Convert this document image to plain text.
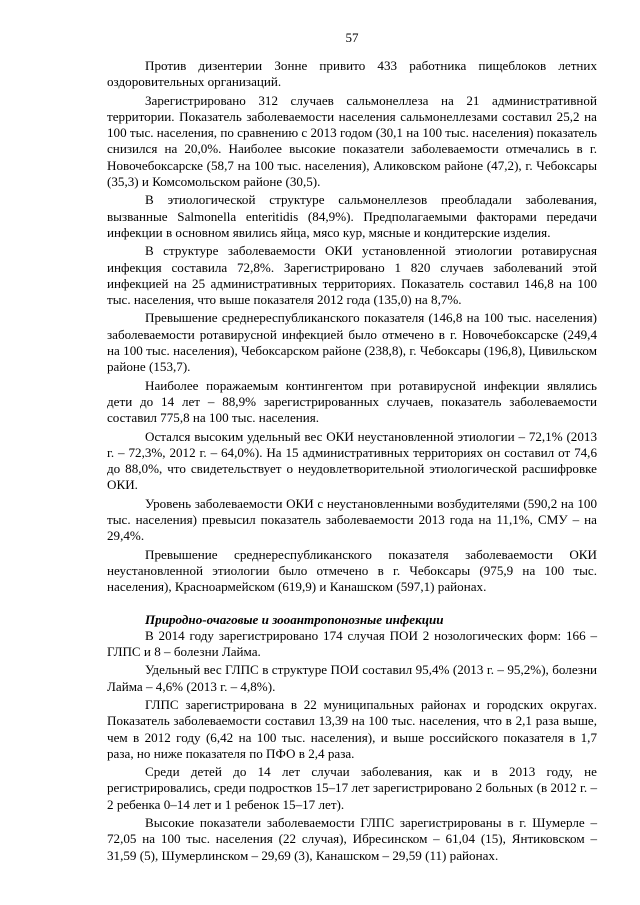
57

Против дизентерии Зонне привито 433 работника пищеблоков летних оздоровительных организаций.

Зарегистрировано 312 случаев сальмонеллеза на 21 административной территории. Показатель заболеваемости населения сальмонеллезами составил 25,2 на 100 тыс. населения, по сравнению с 2013 годом (30,1 на 100 тыс. населения) показатель снизился на 20,0%. Наиболее высокие показатели заболеваемости отмечались в г. Новочебоксарске (58,7 на 100 тыс. населения), Аликовском районе (47,2), г. Чебоксары (35,3) и Комсомольском районе (30,5).

В этиологической структуре сальмонеллезов преобладали заболевания, вызванные Salmonella enteritidis (84,9%). Предполагаемыми факторами передачи инфекции в основном явились яйца, мясо кур, мясные и кондитерские изделия.

В структуре заболеваемости ОКИ установленной этиологии ротавирусная инфекция составила 72,8%. Зарегистрировано 1 820 случаев заболеваний этой инфекцией на 25 административных территориях. Показатель составил 146,8 на 100 тыс. населения, что выше показателя 2012 года (135,0) на 8,7%.

Превышение среднереспубликанского показателя (146,8 на 100 тыс. населения) заболеваемости ротавирусной инфекцией было отмечено в г. Новочебоксарске (249,4 на 100 тыс. населения), Чебоксарском районе (238,8), г. Чебоксары (196,8), Цивильском районе (153,7).

Наиболее поражаемым контингентом при ротавирусной инфекции являлись дети до 14 лет – 88,9% зарегистрированных случаев, показатель заболеваемости составил 775,8 на 100 тыс. населения.

Остался высоким удельный вес ОКИ неустановленной этиологии – 72,1% (2013 г. – 72,3%, 2012 г. – 64,0%). На 15 административных территориях он составил от 74,6 до 88,0%, что свидетельствует о неудовлетворительной этиологической расшифровке ОКИ.

Уровень заболеваемости ОКИ с неустановленными возбудителями (590,2 на 100 тыс. населения) превысил показатель заболеваемости 2013 года на 11,1%, СМУ – на 29,4%.

Превышение среднереспубликанского показателя заболеваемости ОКИ неустановленной этиологии было отмечено в г. Чебоксары (975,9 на 100 тыс. населения), Красноармейском (619,9) и Канашском (597,1) районах.

Природно-очаговые и зооантропонозные инфекции

В 2014 году зарегистрировано 174 случая ПОИ 2 нозологических форм: 166 – ГЛПС и 8 – болезни Лайма.

Удельный вес ГЛПС в структуре ПОИ составил 95,4% (2013 г. – 95,2%), болезни Лайма – 4,6% (2013 г. – 4,8%).

ГЛПС зарегистрирована в 22 муниципальных районах и городских округах. Показатель заболеваемости составил 13,39 на 100 тыс. населения, что в 2,1 раза выше, чем в 2012 году (6,42 на 100 тыс. населения), и выше российского показателя в 1,7 раза, но ниже показателя по ПФО в 2,4 раза.

Среди детей до 14 лет случаи заболевания, как и в 2013 году, не регистрировались, среди подростков 15–17 лет зарегистрировано 2 больных (в 2012 г. – 2 ребенка 0–14 лет и 1 ребенок 15–17 лет).

Высокие показатели заболеваемости ГЛПС зарегистрированы в г. Шумерле – 72,05 на 100 тыс. населения (22 случая), Ибресинском – 61,04 (15), Янтиковском – 31,59 (5), Шумерлинском – 29,69 (3), Канашском – 29,59 (11) районах.
